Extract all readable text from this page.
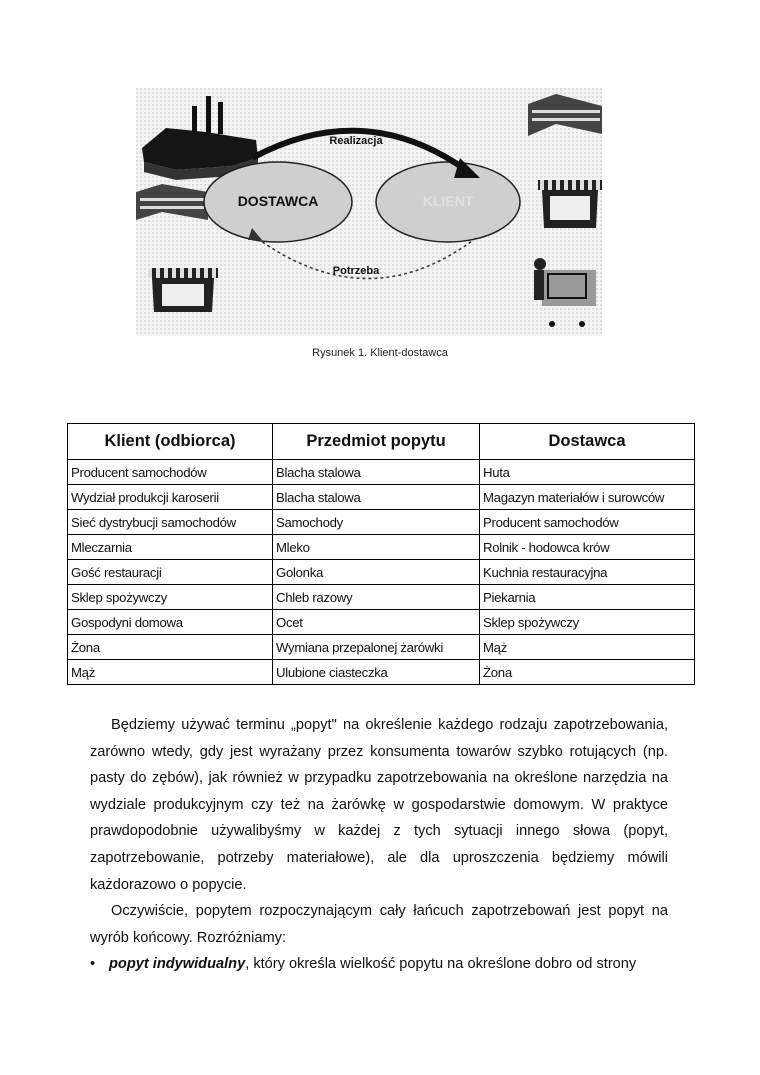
DOSTAWCA	KLIENT
Realizacja
Potrzeba
Rysunek 1. Klient-dostawca
Klient (odbiorca)	Przedmiot popytu	Dostawca
Producent samochodów	Blacha stalowa	Huta
Wydział produkcji karoserii	Blacha stalowa	Magazyn materiałów i surowców
Sieć dystrybucji samochodów	Samochody	Producent samochodów
Mleczarnia	Mleko	Rolnik - hodowca krów
Gość restauracji	Golonka	Kuchnia restauracyjna
Sklep spożywczy	Chleb razowy	Piekarnia
Gospodyni domowa	Ocet	Sklep spożywczy
Żona	Wymiana przepalonej żarówki	Mąż
Mąż	Ulubione ciasteczka	Żona

Będziemy używać terminu „popyt" na określenie każdego rodzaju zapotrzebowania, zarówno wtedy, gdy jest wyrażany przez konsumenta towarów szybko rotujących (np. pasty do zębów), jak również w przypadku zapotrzebowania na określone narzędzia na wydziale produkcyjnym czy też na żarówkę w gospodarstwie domowym. W praktyce prawdopodobnie używalibyśmy w każdej z tych sytuacji innego słowa (popyt, zapotrzebowanie, potrzeby materiałowe), ale dla uproszczenia będziemy mówili każdorazowo o popycie.

Oczywiście, popytem rozpoczynającym cały łańcuch zapotrzebowań jest popyt na wyrób końcowy. Rozróżniamy:

• popyt indywidualny, który określa wielkość popytu na określone dobro od strony
